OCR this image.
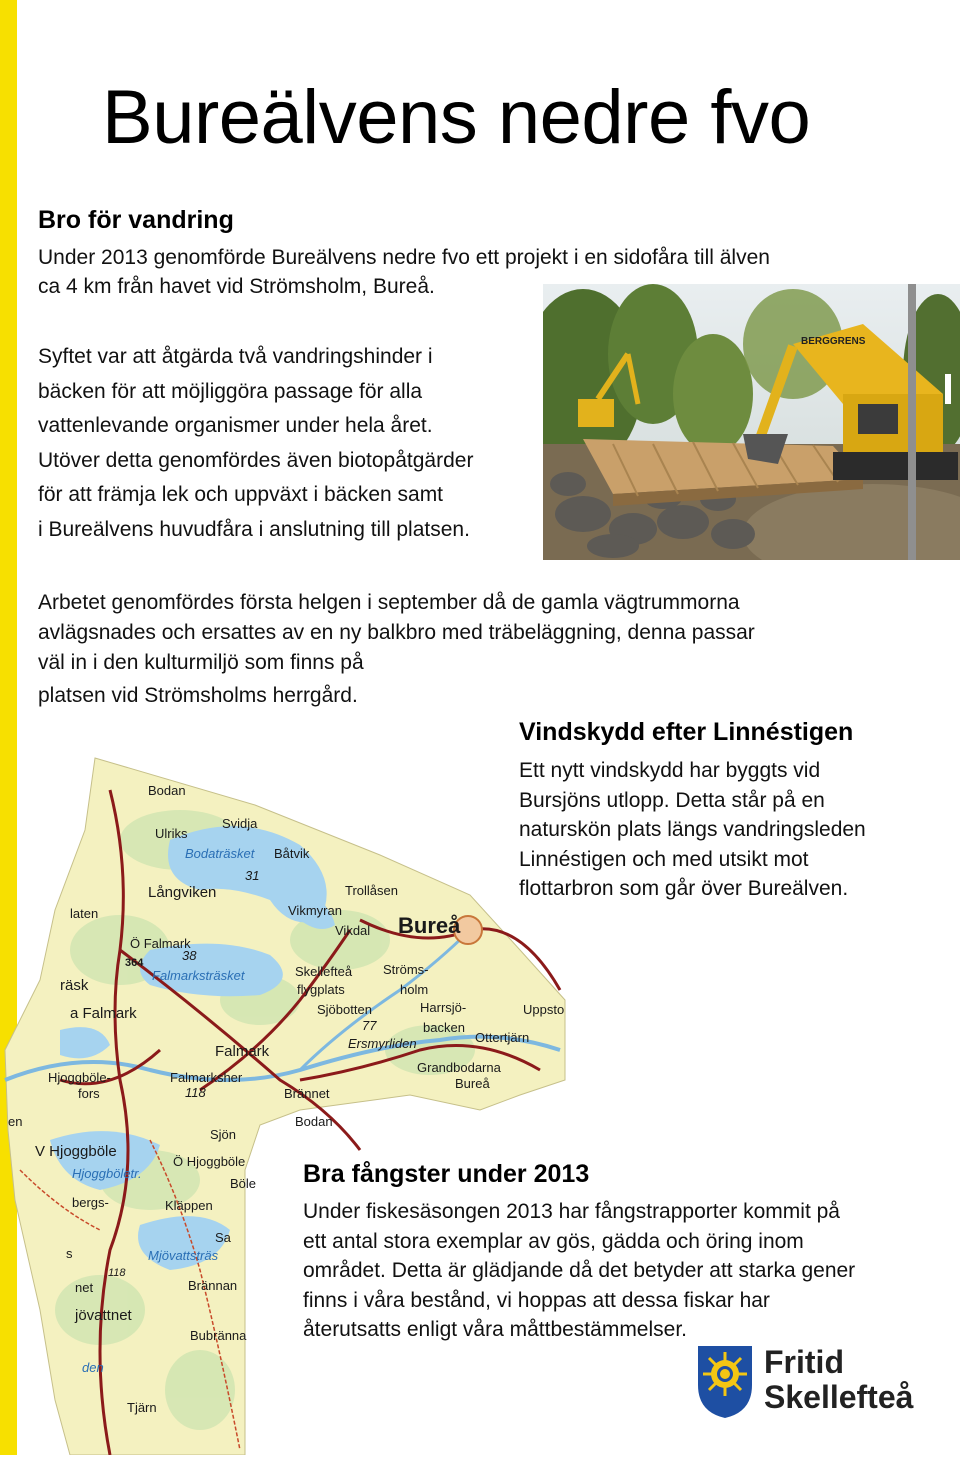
Bureälvens nedre fvo
Bro för vandring
Under 2013 genomförde Bureälvens nedre fvo ett projekt i en sidofåra till älven
ca 4 km från havet vid Strömsholm, Bureå.
Syftet var att åtgärda två vandringshinder i
bäcken för att möjliggöra passage för alla
vattenlevande organismer under hela året.
Utöver detta genomfördes även biotopåtgärder
för att främja lek och uppväxt i bäcken samt
i Bureälvens huvudfåra i anslutning till platsen.
Arbetet genomfördes första helgen i september då de gamla vägtrummorna
avlägsnades och ersattes av en ny balkbro med träbeläggning, denna passar
väl in i den kulturmiljö som finns på
platsen vid Strömsholms herrgård.
BERGGRENS
Vindskydd efter Linnéstigen
Ett nytt vindskydd har byggts vid
Bursjöns utlopp. Detta står på en
naturskön plats längs vandringsleden
Linnéstigen och med utsikt mot
flottarbron som går över Bureälven.
Bodan
Svidja
Ulriks
Bodaträsket Båtvik
31
Långviken	Trollåsen
laten	Vikmyran
Vikdal Bureå
Ö Falmark
364	38
Falmarksträsket
räsk
Skellefteå
flygplats
Ströms-
holm
a Falmark	Sjöbotten	Harrsjö-
backen
Uppsto
77
Ersmyrliden	Ottertjärn
Falmark
Grandbodarna
Hjoggböle-
fors
Falmarksher
118	Brännet
Bureå
en	Bodan
Sjön
V Hjoggböle
Ö Hjoggböle
Böle
Hjoggböletr.
bergs-	Kläppen
Sa
s	Mjövattsträs
118
Brännan
net
jövattnet
Bubränna
den
Tjärn
Bra fångster under 2013
Under fiskesäsongen 2013 har fångstrapporter kommit på
ett antal stora exemplar av gös, gädda och öring inom
området. Detta är glädjande då det betyder att starka gener
finns i våra bestånd, vi hoppas att dessa fiskar har
återutsatts enligt våra måttbestämmelser.
Fritid
Skellefteå
